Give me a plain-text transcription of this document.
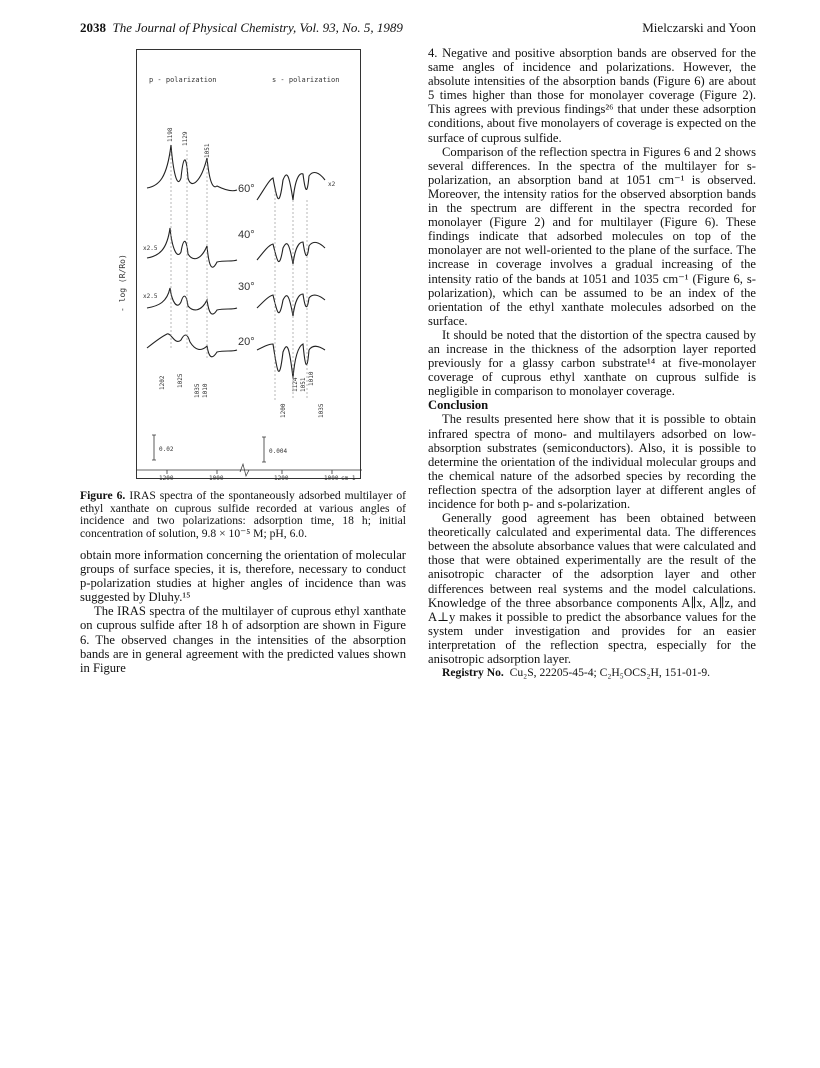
2038 The Journal of Physical Chemistry, Vol. 93, No. 5, 1989	Mielczarski and Yoon
p - polarization	s - polarization
1198 1129
1051
x2.5
x2.5
60°
40°
30°
20°
x2
1202 1025
1035 1010
1200
1124 1051
1035
1010
- log (R/Ro)
0.02	0.004
1200	1000	1200	1000 cm-1
Figure 6. IRAS spectra of the spontaneously adsorbed multilayer of ethyl xanthate on cuprous sulfide recorded at various angles of incidence and two polarizations: adsorption time, 18 h; initial concentration of solution, 9.8 × 10⁻⁵ M; pH, 6.0.

obtain more information concerning the orientation of molecular groups of surface species, it is, therefore, necessary to conduct p-polarization studies at higher angles of incidence than was suggested by Dluhy.¹⁵

The IRAS spectra of the multilayer of cuprous ethyl xanthate on cuprous sulfide after 18 h of adsorption are shown in Figure 6. The observed changes in the intensities of the absorption bands are in general agreement with the predicted values shown in Figure

4. Negative and positive absorption bands are observed for the same angles of incidence and polarizations. However, the absolute intensities of the absorption bands (Figure 6) are about 5 times higher than those for monolayer coverage (Figure 2). This agrees with previous findings²⁶ that under these adsorption conditions, about five monolayers of coverage is expected on the surface of cuprous sulfide.

Comparison of the reflection spectra in Figures 6 and 2 shows several differences. In the spectra of the multilayer for s-polarization, an absorption band at 1051 cm⁻¹ is observed. Moreover, the intensity ratios for the observed absorption bands in the spectrum are different in the spectra recorded for monolayer (Figure 2) and for multilayer (Figure 6). These findings indicate that adsorbed molecules on top of the monolayer are not well-oriented to the plane of the surface. The increase in coverage involves a gradual increasing of the intensity ratio of the bands at 1051 and 1035 cm⁻¹ (Figure 6, s-polarization), which can be assumed to be an index of the orientation of the ethyl xanthate molecules adsorbed on the surface.

It should be noted that the distortion of the spectra caused by an increase in the thickness of the adsorption layer reported previously for a glassy carbon substrate¹⁴ at five-monolayer coverage of cuprous ethyl xanthate on cuprous sulfide is negligible in comparison to monolayer coverage.

Conclusion

The results presented here show that it is possible to obtain infrared spectra of mono- and multilayers adsorbed on low-absorption substrates (semiconductors). Also, it is possible to determine the orientation of the individual molecular groups and the chemical nature of the adsorbed species by recording the reflection spectra of the adsorption layer at different angles of incidence for both p- and s-polarization.

Generally good agreement has been obtained between theoretically calculated and experimental data. The differences between the absolute absorbance values that were calculated and those that were obtained experimentally are the result of the anisotropic character of the adsorption layer and other differences between real systems and the model calculations. Knowledge of the three absorbance components A∥x, A∥z, and A⊥y makes it possible to predict the absorbance values for the system under investigation and provides for an easier interpretation of the reflection spectra, especially for the anisotropic adsorption layer.

Registry No. Cu₂S, 22205-45-4; C₂H₅OCS₂H, 151-01-9.
